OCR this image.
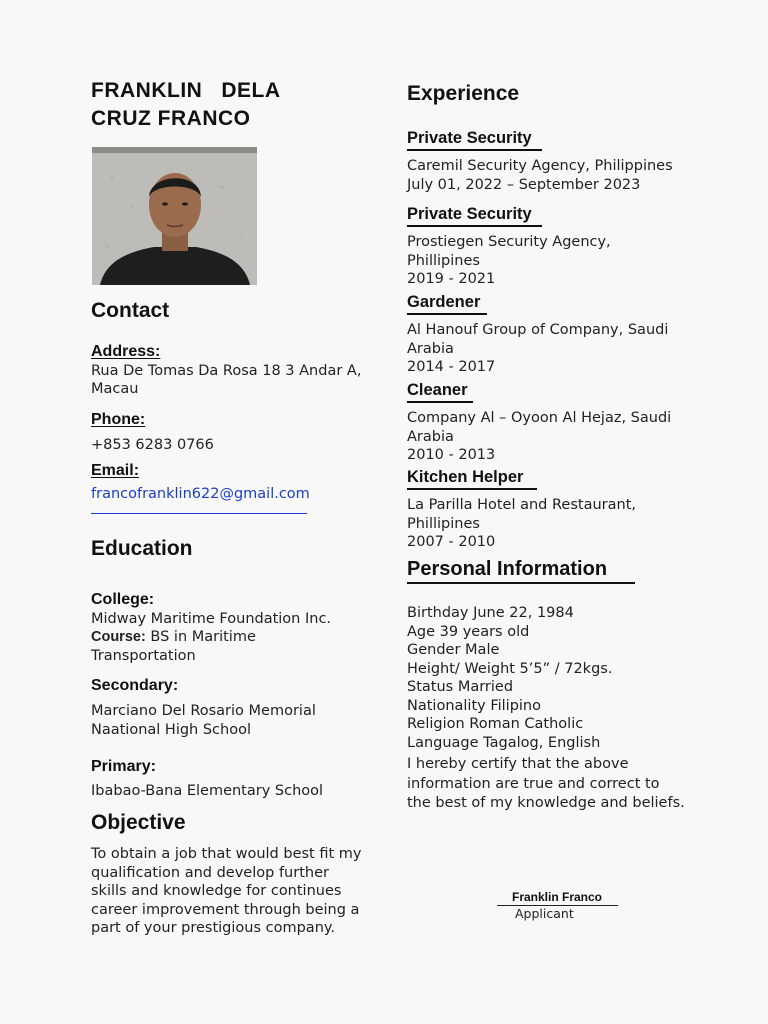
FRANKLIN   DELA
CRUZ FRANCO
Contact
Address:
Rua De Tomas Da Rosa 18 3 Andar A,
Macau
Phone:
+853 6283 0766
Email:
francofranklin622@gmail.com
Education
College:
Midway Maritime Foundation Inc.
Course: BS in Maritime
Transportation
Secondary:
Marciano Del Rosario Memorial
Naational High School
Primary:
Ibabao-Bana Elementary School
Objective
To obtain a job that would best fit my
qualification and develop further
skills and knowledge for continues
career improvement through being a
part of your prestigious company.
Experience
Private Security
Caremil Security Agency, Philippines
July 01, 2022 – September 2023
Private Security
Prostiegen Security Agency,
Phillipines
2019 - 2021
Gardener
Al Hanouf Group of Company, Saudi
Arabia
2014 - 2017
Cleaner
Company Al – Oyoon Al Hejaz, Saudi
Arabia
2010 - 2013
Kitchen Helper
La Parilla Hotel and Restaurant,
Phillipines
2007 - 2010
Personal Information
Birthday June 22, 1984
Age 39 years old
Gender Male
Height/ Weight 5’5” / 72kgs.
Status Married
Nationality Filipino
Religion Roman Catholic
Language Tagalog, English
I hereby certify that the above
information are true and correct to
the best of my knowledge and beliefs.
Franklin Franco
Applicant
